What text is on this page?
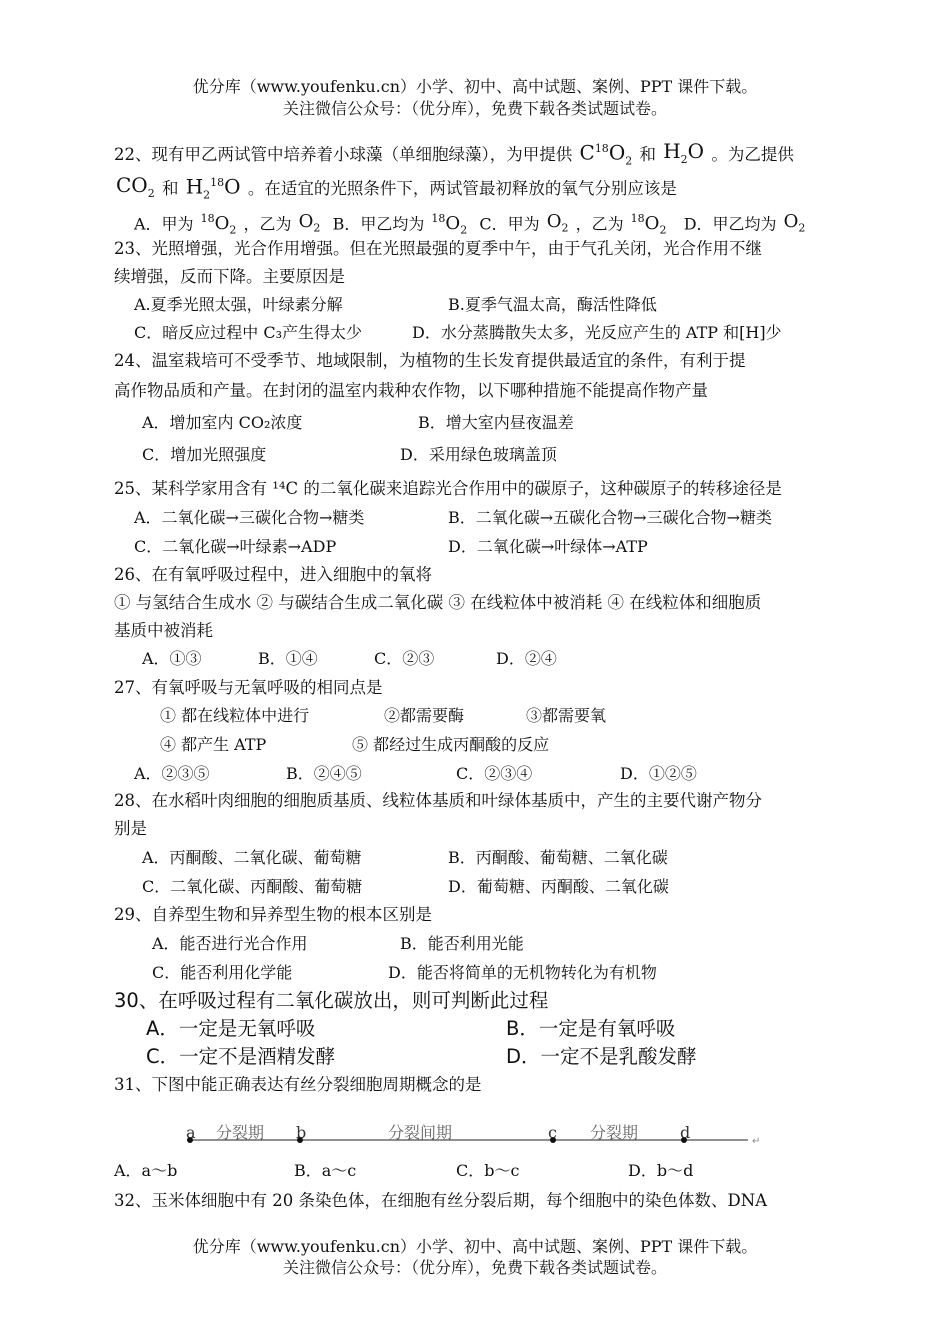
优分库（www.youfenku.cn）小学、初中、高中试题、案例、PPT 课件下载。
关注微信公众号：（优分库），免费下载各类试题试卷。
22、现有甲乙两试管中培养着小球藻（单细胞绿藻），为甲提供 $C^{18}O_2$ 和 $H_2O$ 。为乙提供
$CO_2$ 和 $H_2^{18}O$ 。在适宜的光照条件下，两试管最初释放的氧气分别应该是
A．甲为 $^{18}O_2$ ，乙为 $O_2$ B．甲乙均为 $^{18}O_2$ C．甲为 $O_2$ ，乙为 $^{18}O_2$ D．甲乙均为 $O_2$
23、光照增强，光合作用增强。但在光照最强的夏季中午，由于气孔关闭，光合作用不继
续增强，反而下降。主要原因是
A.夏季光照太强，叶绿素分解	B.夏季气温太高，酶活性降低
C．暗反应过程中 C₃产生得太少	D．水分蒸腾散失太多，光反应产生的 ATP 和[H]少
24、温室栽培可不受季节、地域限制，为植物的生长发育提供最适宜的条件，有利于提
高作物品质和产量。在封闭的温室内栽种农作物，以下哪种措施不能提高作物产量
A．增加室内 CO₂浓度	B．增大室内昼夜温差
C．增加光照强度	D．采用绿色玻璃盖顶
25、某科学家用含有 ¹⁴C 的二氧化碳来追踪光合作用中的碳原子，这种碳原子的转移途径是
A．二氧化碳→三碳化合物→糖类	B．二氧化碳→五碳化合物→三碳化合物→糖类
C．二氧化碳→叶绿素→ADP	D．二氧化碳→叶绿体→ATP
26、在有氧呼吸过程中，进入细胞中的氧将
① 与氢结合生成水 ② 与碳结合生成二氧化碳 ③ 在线粒体中被消耗 ④ 在线粒体和细胞质
基质中被消耗
A．①③	B．①④	C．②③	D．②④
27、有氧呼吸与无氧呼吸的相同点是
① 都在线粒体中进行	②都需要酶	③都需要氧
④ 都产生 ATP	⑤ 都经过生成丙酮酸的反应
A．②③⑤	B．②④⑤	C．②③④	D．①②⑤
28、在水稻叶肉细胞的细胞质基质、线粒体基质和叶绿体基质中，产生的主要代谢产物分
别是
A．丙酮酸、二氧化碳、葡萄糖	B．丙酮酸、葡萄糖、二氧化碳
C．二氧化碳、丙酮酸、葡萄糖	D．葡萄糖、丙酮酸、二氧化碳
29、自养型生物和异养型生物的根本区别是
A．能否进行光合作用	B．能否利用光能
C．能否利用化学能	D．能否将简单的无机物转化为有机物
30、在呼吸过程有二氧化碳放出，则可判断此过程
A．一定是无氧呼吸	B．一定是有氧呼吸
C．一定不是酒精发酵	D．一定不是乳酸发酵
31、下图中能正确表达有丝分裂细胞周期概念的是
↵
a 分裂期 b	分裂间期	c 分裂期	d
A．a～b	B．a～c	C．b～c	D．b～d
32、玉米体细胞中有 20 条染色体，在细胞有丝分裂后期，每个细胞中的染色体数、DNA
优分库（www.youfenku.cn）小学、初中、高中试题、案例、PPT 课件下载。
关注微信公众号：（优分库），免费下载各类试题试卷。
